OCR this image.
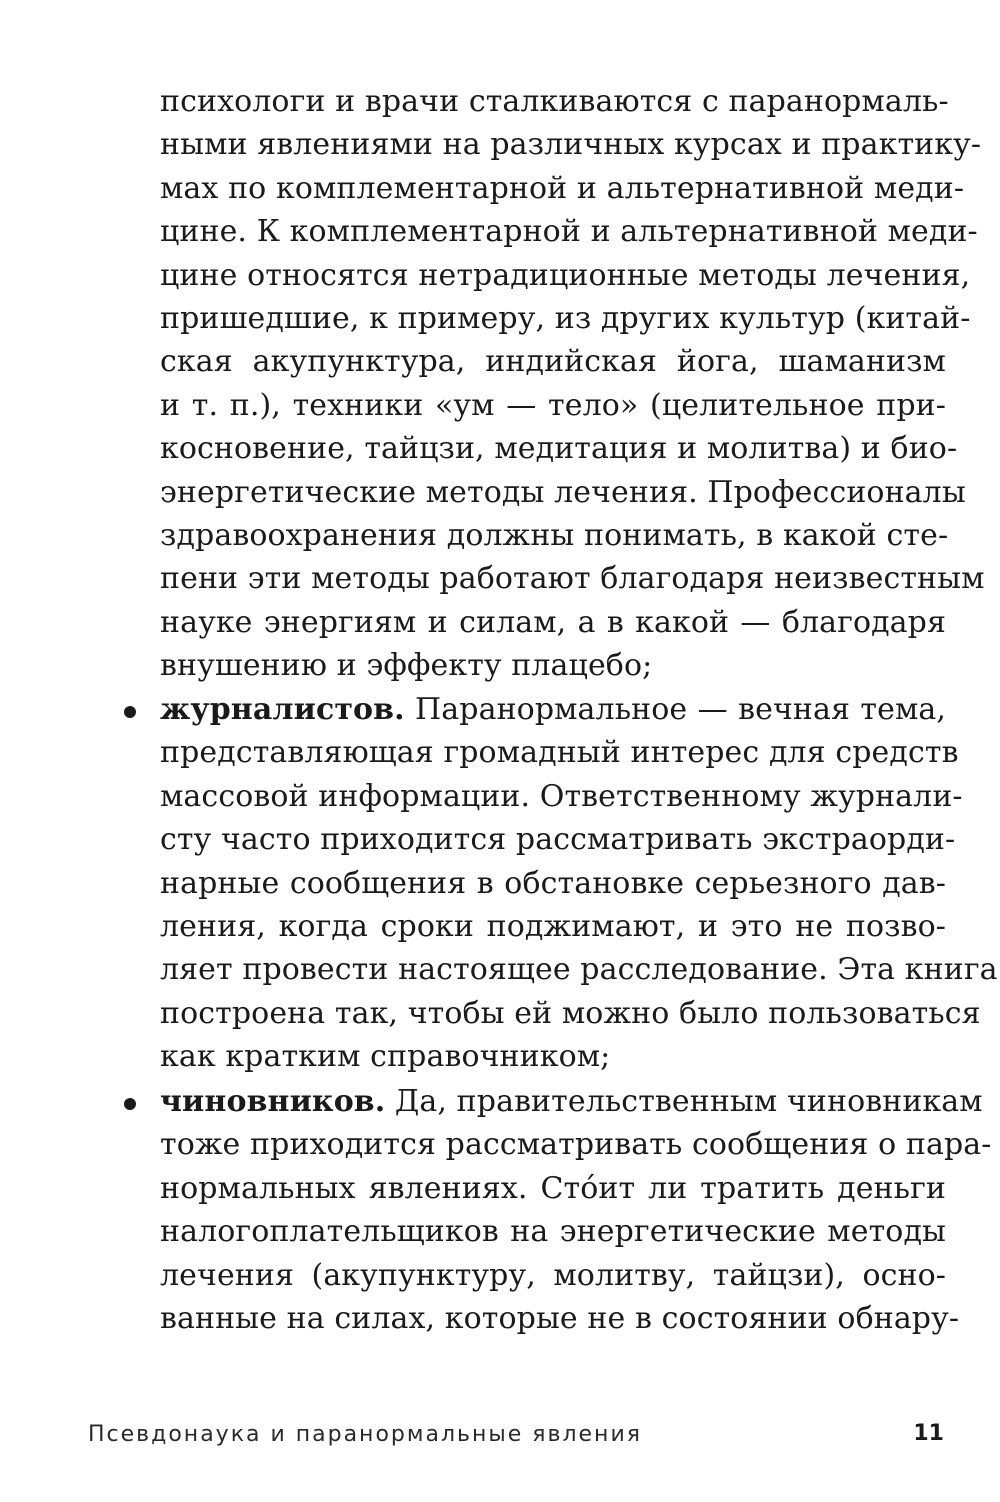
психологи и врачи сталкиваются с паранормаль-
ными явлениями на различных курсах и практику-
мах по комплементарной и альтернативной меди-
цине. К комплементарной и альтернативной меди-
цине относятся нетрадиционные методы лечения,
пришедшие, к примеру, из других культур (китай-
ская акупунктура, индийская йога, шаманизм
и т. п.), техники «ум — тело» (целительное при-
косновение, тайцзи, медитация и молитва) и био-
энергетические методы лечения. Профессионалы
здравоохранения должны понимать, в какой сте-
пени эти методы работают благодаря неизвестным
науке энергиям и силам, а в какой — благодаря
внушению и эффекту плацебо;
журналистов. Паранормальное — вечная тема,
представляющая громадный интерес для средств
массовой информации. Ответственному журнали-
сту часто приходится рассматривать экстраорди-
нарные сообщения в обстановке серьезного дав-
ления, когда сроки поджимают, и это не позво-
ляет провести настоящее расследование. Эта книга
построена так, чтобы ей можно было пользоваться
как кратким справочником;
чиновников. Да, правительственным чиновникам
тоже приходится рассматривать сообщения о пара-
нормальных явлениях. Сто́ит ли тратить деньги
налогоплательщиков на энергетические методы
лечения (акупунктуру, молитву, тайцзи), осно-
ванные на силах, которые не в состоянии обнару-
Псевдонаука и паранормальные явления	11
